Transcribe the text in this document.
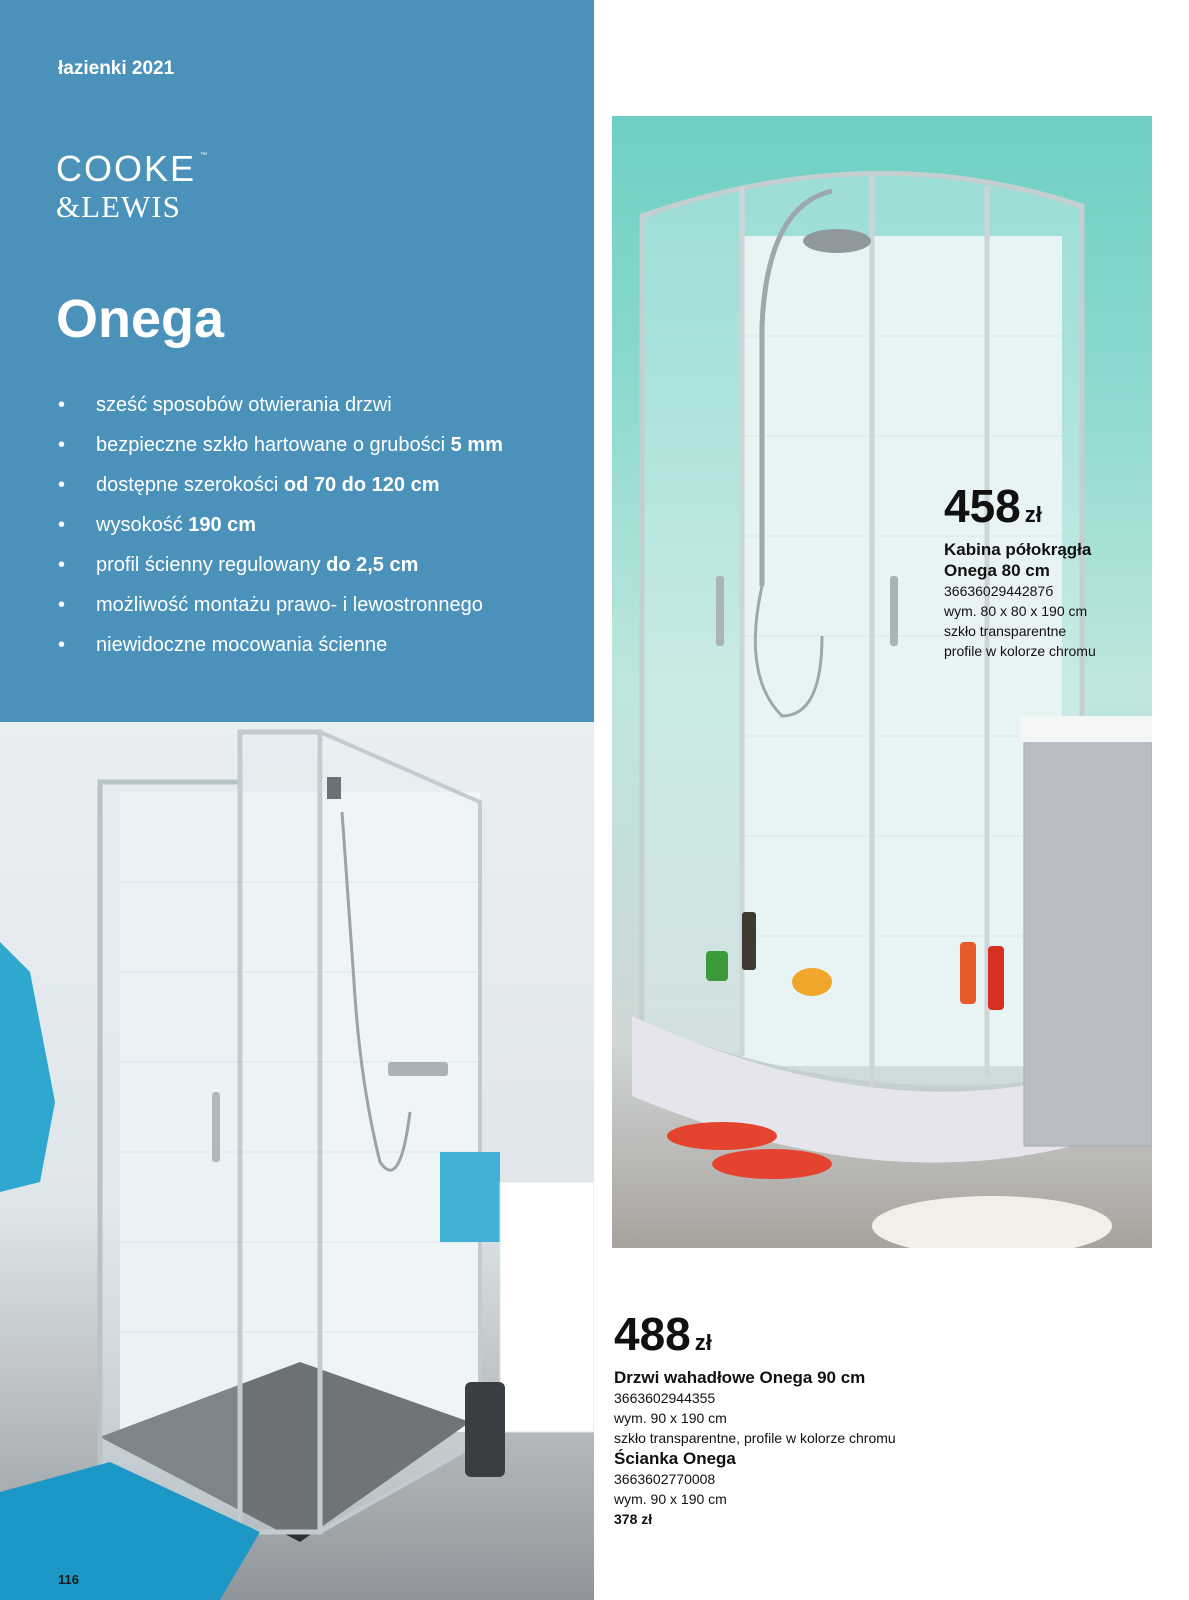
łazienki 2021
COOKE ™
&LEWIS
Onega
• sześć sposobów otwierania drzwi
• bezpieczne szkło hartowane o grubości 5 mm
• dostępne szerokości od 70 do 120 cm
• wysokość 190 cm
• profil ścienny regulowany do 2,5 cm
• możliwość montażu prawo- i lewostronnego
• niewidoczne mocowania ścienne
458 zł
Kabina półokrągła
Onega 80 cm
3663602944287б
wym. 80 x 80 x 190 cm
szkło transparentne
profile w kolorze chromu
488 zł
Drzwi wahadłowe Onega 90 cm
3663602944355
wym. 90 x 190 cm
szkło transparentne, profile w kolorze chromu
Ścianka Onega
3663602770008
wym. 90 x 190 cm
378 zł
116
